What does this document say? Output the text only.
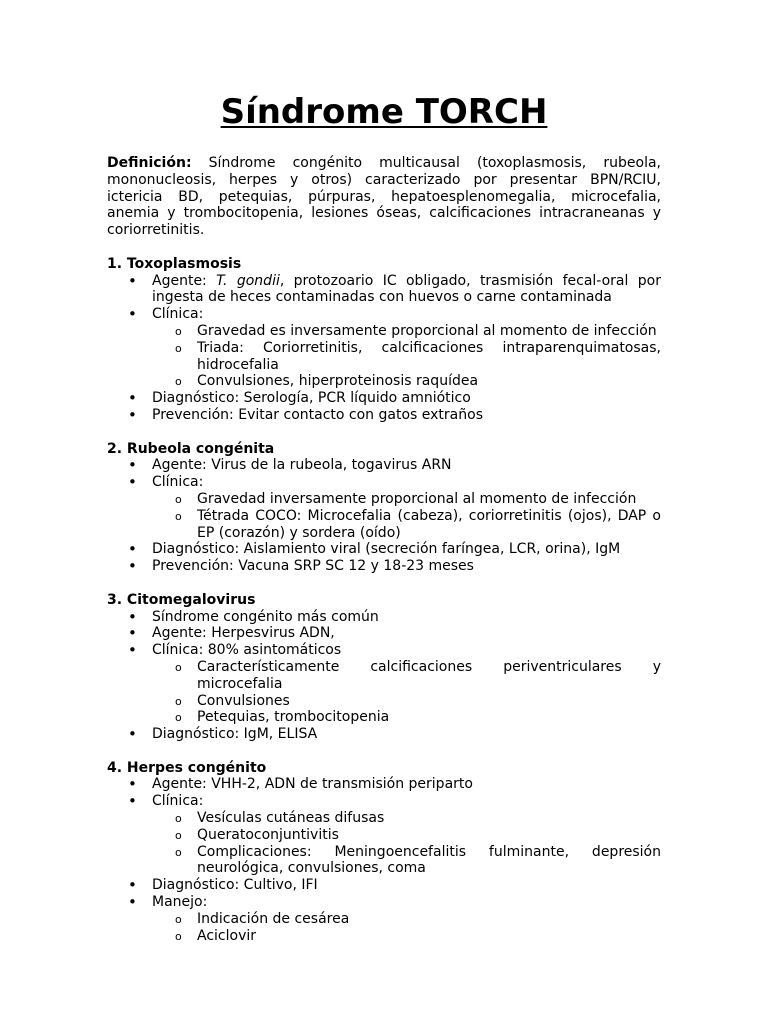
Síndrome TORCH

Definición: Síndrome congénito multicausal (toxoplasmosis, rubeola, mononucleosis, herpes y otros) caracterizado por presentar BPN/RCIU, ictericia BD, petequias, púrpuras, hepatoesplenomegalia, microcefalia, anemia y trombocitopenia, lesiones óseas, calcificaciones intracraneanas y coriorretinitis.

1. Toxoplasmosis

• Agente: T. gondii, protozoario IC obligado, trasmisión fecal-oral por ingesta de heces contaminadas con huevos o carne contaminada
• Clínica:
o Gravedad es inversamente proporcional al momento de infección
o Triada: Coriorretinitis, calcificaciones intraparenquimatosas, hidrocefalia
o Convulsiones, hiperproteinosis raquídea
• Diagnóstico: Serología, PCR líquido amniótico
• Prevención: Evitar contacto con gatos extraños

2. Rubeola congénita

• Agente: Virus de la rubeola, togavirus ARN
• Clínica:
o Gravedad inversamente proporcional al momento de infección
o Tétrada COCO: Microcefalia (cabeza), coriorretinitis (ojos), DAP o EP (corazón) y sordera (oído)
• Diagnóstico: Aislamiento viral (secreción faríngea, LCR, orina), IgM
• Prevención: Vacuna SRP SC 12 y 18-23 meses

3. Citomegalovirus

• Síndrome congénito más común
• Agente: Herpesvirus ADN,
• Clínica: 80% asintomáticos
o Característicamente calcificaciones periventriculares y microcefalia
o Convulsiones
o Petequias, trombocitopenia
• Diagnóstico: IgM, ELISA

4. Herpes congénito

• Agente: VHH-2, ADN de transmisión periparto
• Clínica:
o Vesículas cutáneas difusas
o Queratoconjuntivitis
o Complicaciones: Meningoencefalitis fulminante, depresión neurológica, convulsiones, coma
• Diagnóstico: Cultivo, IFI
• Manejo:
o Indicación de cesárea
o Aciclovir
